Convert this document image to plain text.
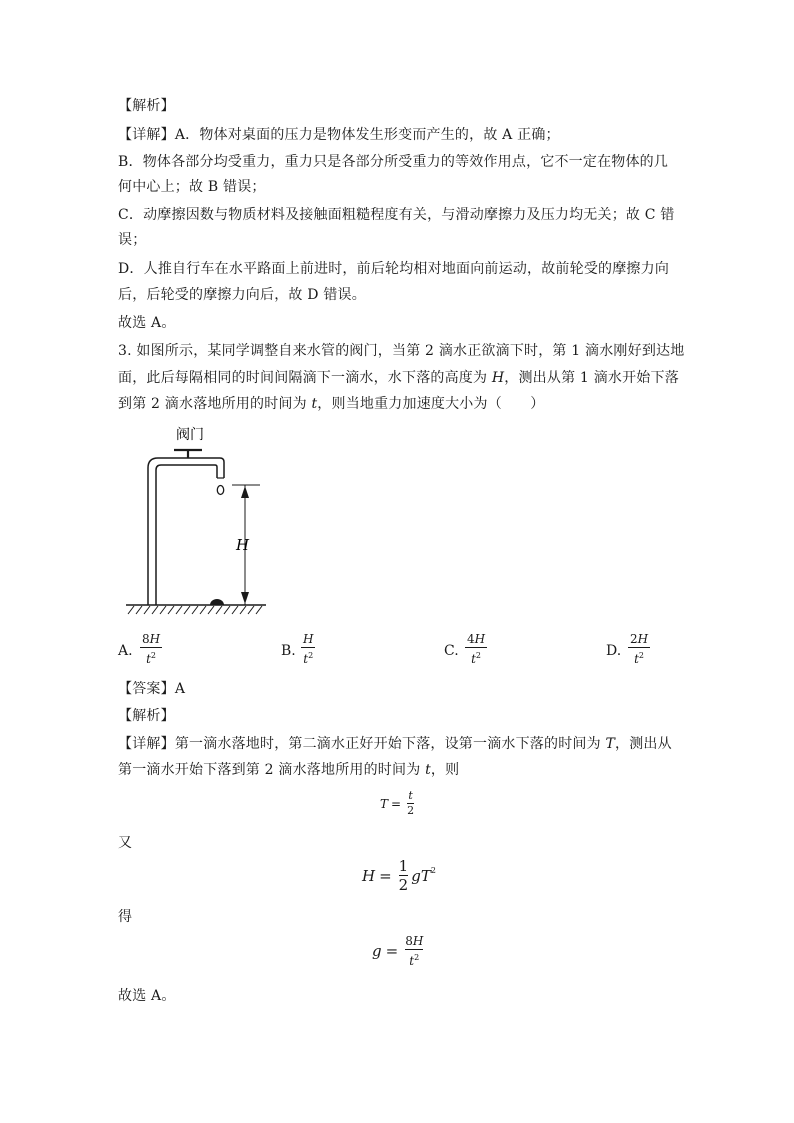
【解析】
【详解】A．物体对桌面的压力是物体发生形变而产生的，故 A 正确；
B．物体各部分均受重力，重力只是各部分所受重力的等效作用点，它不一定在物体的几
何中心上；故 B 错误；
C．动摩擦因数与物质材料及接触面粗糙程度有关，与滑动摩擦力及压力均无关；故 C 错
误；
D．人推自行车在水平路面上前进时，前后轮均相对地面向前运动，故前轮受的摩擦力向
后，后轮受的摩擦力向后，故 D 错误。
故选 A。
3. 如图所示，某同学调整自来水管的阀门，当第 2 滴水正欲滴下时，第 1 滴水刚好到达地
面，此后每隔相同的时间间隔滴下一滴水，水下落的高度为 H，测出从第 1 滴水开始下落
到第 2 滴水落地所用的时间为 t，则当地重力加速度大小为（　　）
阀门
H
A.
8H
$t^2$	B.
H
$t^2$	C.
4H
$t^2$	D.
2H
$t^2$
【答案】A
【解析】
【详解】第一滴水落地时，第二滴水正好开始下落，设第一滴水下落的时间为 T，测出从
第一滴水开始下落到第 2 滴水落地所用的时间为 t，则
T =
t
2
又
H =
1
2
g $T^2$
得
g =
8H
$t^2$
故选 A。
